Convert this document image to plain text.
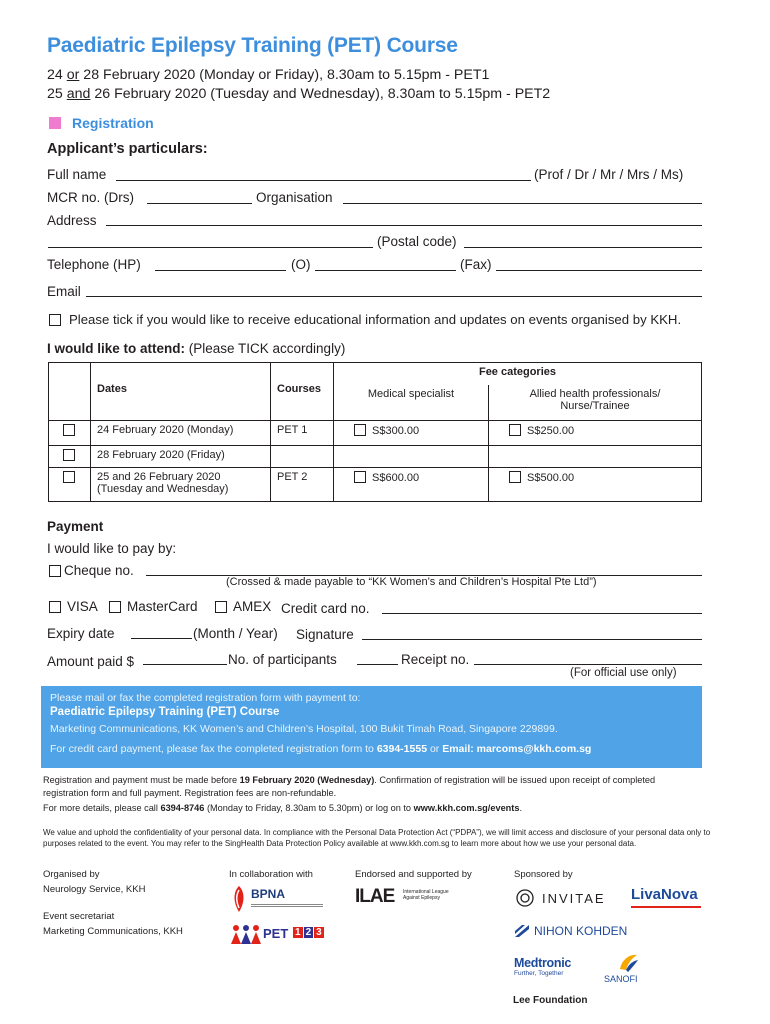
Paediatric Epilepsy Training (PET) Course
24 or 28 February 2020 (Monday or Friday), 8.30am to 5.15pm - PET1
25 and 26 February 2020 (Tuesday and Wednesday), 8.30am to 5.15pm - PET2
Registration
Applicant’s particulars:
Full name	(Prof / Dr / Mr / Mrs / Ms)
MCR no. (Drs)	Organisation
Address
(Postal code)
Telephone (HP)	(O)	(Fax)
Email
Please tick if you would like to receive educational information and updates on events organised by KKH.
I would like to attend: (Please TICK accordingly)
	Dates	Courses	Fee categories	
			Medical specialist	Allied health professionals/ Nurse/Trainee
	24 February 2020 (Monday)	PET 1	S$300.00	S$250.00
	28 February 2020 (Friday)			
	25 and 26 February 2020 (Tuesday and Wednesday)	PET 2	S$600.00	S$500.00
Payment
I would like to pay by:
Cheque no.
(Crossed & made payable to “KK Women’s and Children’s Hospital Pte Ltd”)
VISA MasterCard	AMEX Credit card no.
Expiry date	(Month / Year) Signature
Amount paid $	No. of participants	Receipt no.
(For official use only)
Please mail or fax the completed registration form with payment to:
Paediatric Epilepsy Training (PET) Course
Marketing Communications, KK Women’s and Children’s Hospital, 100 Bukit Timah Road, Singapore 229899.
For credit card payment, please fax the completed registration form to 6394-1555 or Email: marcoms@kkh.com.sg
Registration and payment must be made before 19 February 2020 (Wednesday). Confirmation of registration will be issued upon receipt of completed registration form and full payment. Registration fees are non-refundable.
For more details, please call 6394-8746 (Monday to Friday, 8.30am to 5.30pm) or log on to www.kkh.com.sg/events.
We value and uphold the confidentiality of your personal data. In compliance with the Personal Data Protection Act (“PDPA”), we will limit access and disclosure of your personal data only to purposes related to the event. You may refer to the SingHealth Data Protection Policy available at www.kkh.com.sg to learn more about how we use your personal data.
Organised by
Neurology Service, KKH
Event secretariat
Marketing Communications, KKH
In collaboration with
BPNA
PET 1 2 3
Endorsed and supported by
ILAE International League Against Epilepsy
Sponsored by
INVITAE LivaNova
NIHON KOHDEN
Medtronic
Further, Together
SANOFI
Lee Foundation
